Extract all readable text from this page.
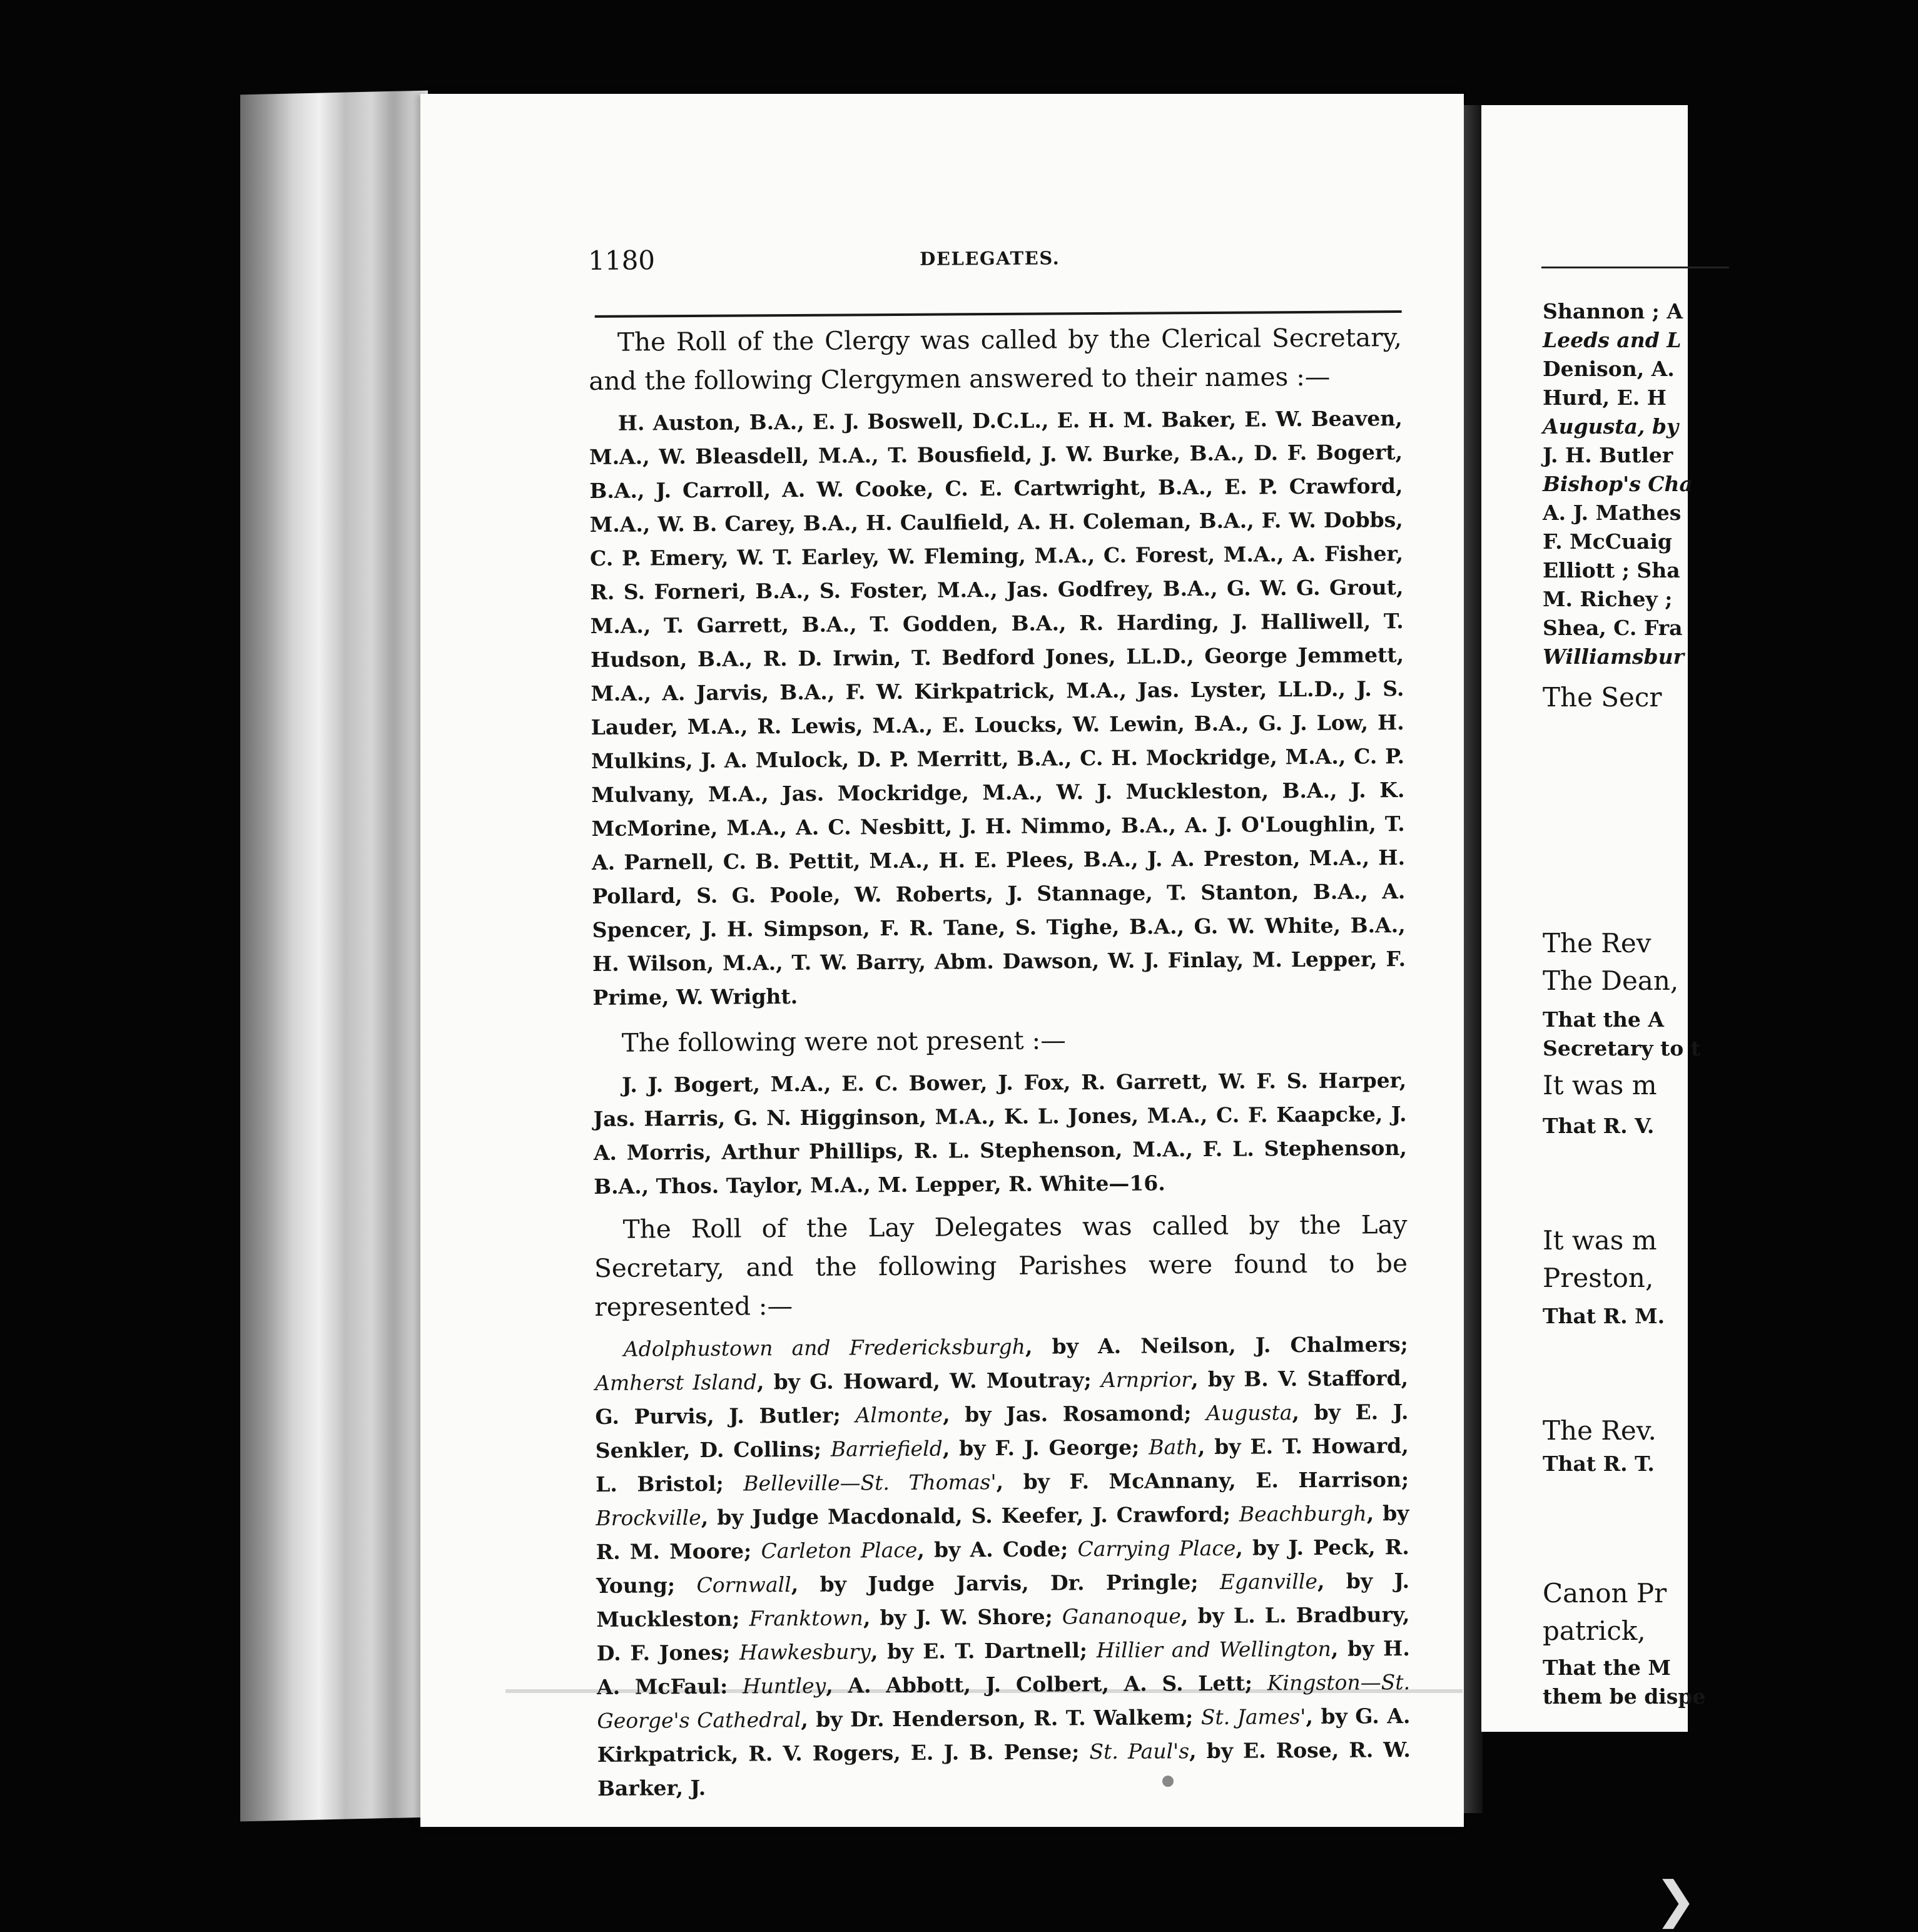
Shannon ; A
Leeds and L
Denison, A.
Hurd, E. H
Augusta, by
J. H. Butler
Bishop's Cha
A. J. Mathes
F. McCuaig
Elliott ; Sha
M. Richey ;
Shea, C. Fra
Williamsbur
The Secr
The Rev
The Dean,
That the A
Secretary to t
It was m
That R. V.
It was m
Preston,
That R. M.
The Rev.
That R. T.
Canon Pr
patrick,
That the M
them be dispe
1180	DELEGATES.

The Roll of the Clergy was called by the Clerical Secretary, and the following Clergymen answered to their names :—

H. Auston, B.A., E. J. Boswell, D.C.L., E. H. M. Baker, E. W. Beaven, M.A., W. Bleasdell, M.A., T. Bousfield, J. W. Burke, B.A., D. F. Bogert, B.A., J. Carroll, A. W. Cooke, C. E. Cartwright, B.A., E. P. Crawford, M.A., W. B. Carey, B.A., H. Caulfield, A. H. Coleman, B.A., F. W. Dobbs, C. P. Emery, W. T. Earley, W. Fleming, M.A., C. Forest, M.A., A. Fisher, R. S. Forneri, B.A., S. Foster, M.A., Jas. Godfrey, B.A., G. W. G. Grout, M.A., T. Garrett, B.A., T. Godden, B.A., R. Harding, J. Halliwell, T. Hudson, B.A., R. D. Irwin, T. Bedford Jones, LL.D., George Jemmett, M.A., A. Jarvis, B.A., F. W. Kirkpatrick, M.A., Jas. Lyster, LL.D., J. S. Lauder, M.A., R. Lewis, M.A., E. Loucks, W. Lewin, B.A., G. J. Low, H. Mulkins, J. A. Mulock, D. P. Merritt, B.A., C. H. Mockridge, M.A., C. P. Mulvany, M.A., Jas. Mockridge, M.A., W. J. Muckleston, B.A., J. K. McMorine, M.A., A. C. Nesbitt, J. H. Nimmo, B.A., A. J. O'Loughlin, T. A. Parnell, C. B. Pettit, M.A., H. E. Plees, B.A., J. A. Preston, M.A., H. Pollard, S. G. Poole, W. Roberts, J. Stannage, T. Stanton, B.A., A. Spencer, J. H. Simpson, F. R. Tane, S. Tighe, B.A., G. W. White, B.A., H. Wilson, M.A., T. W. Barry, Abm. Dawson, W. J. Finlay, M. Lepper, F. Prime, W. Wright.

The following were not present :—

J. J. Bogert, M.A., E. C. Bower, J. Fox, R. Garrett, W. F. S. Harper, Jas. Harris, G. N. Higginson, M.A., K. L. Jones, M.A., C. F. Kaapcke, J. A. Morris, Arthur Phillips, R. L. Stephenson, M.A., F. L. Stephenson, B.A., Thos. Taylor, M.A., M. Lepper, R. White—16.

The Roll of the Lay Delegates was called by the Lay Secretary, and the following Parishes were found to be represented :—

Adolphustown and Fredericksburgh, by A. Neilson, J. Chalmers; Amherst Island, by G. Howard, W. Moutray; Arnprior, by B. V. Stafford, G. Purvis, J. Butler; Almonte, by Jas. Rosamond; Augusta, by E. J. Senkler, D. Collins; Barriefield, by F. J. George; Bath, by E. T. Howard, L. Bristol; Belleville—St. Thomas', by F. McAnnany, E. Harrison; Brockville, by Judge Macdonald, S. Keefer, J. Crawford; Beachburgh, by R. M. Moore; Carleton Place, by A. Code; Carrying Place, by J. Peck, R. Young; Cornwall, by Judge Jarvis, Dr. Pringle; Eganville, by J. Muckleston; Franktown, by J. W. Shore; Gananoque, by L. L. Bradbury, D. F. Jones; Hawkesbury, by E. T. Dartnell; Hillier and Wellington, by H. A. McFaul: Huntley, A. Abbott, J. Colbert, A. S. Lett; Kingston—St. George's Cathedral, by Dr. Henderson, R. T. Walkem; St. James', by G. A. Kirkpatrick, R. V. Rogers, E. J. B. Pense; St. Paul's, by E. Rose, R. W. Barker, J.

❯
